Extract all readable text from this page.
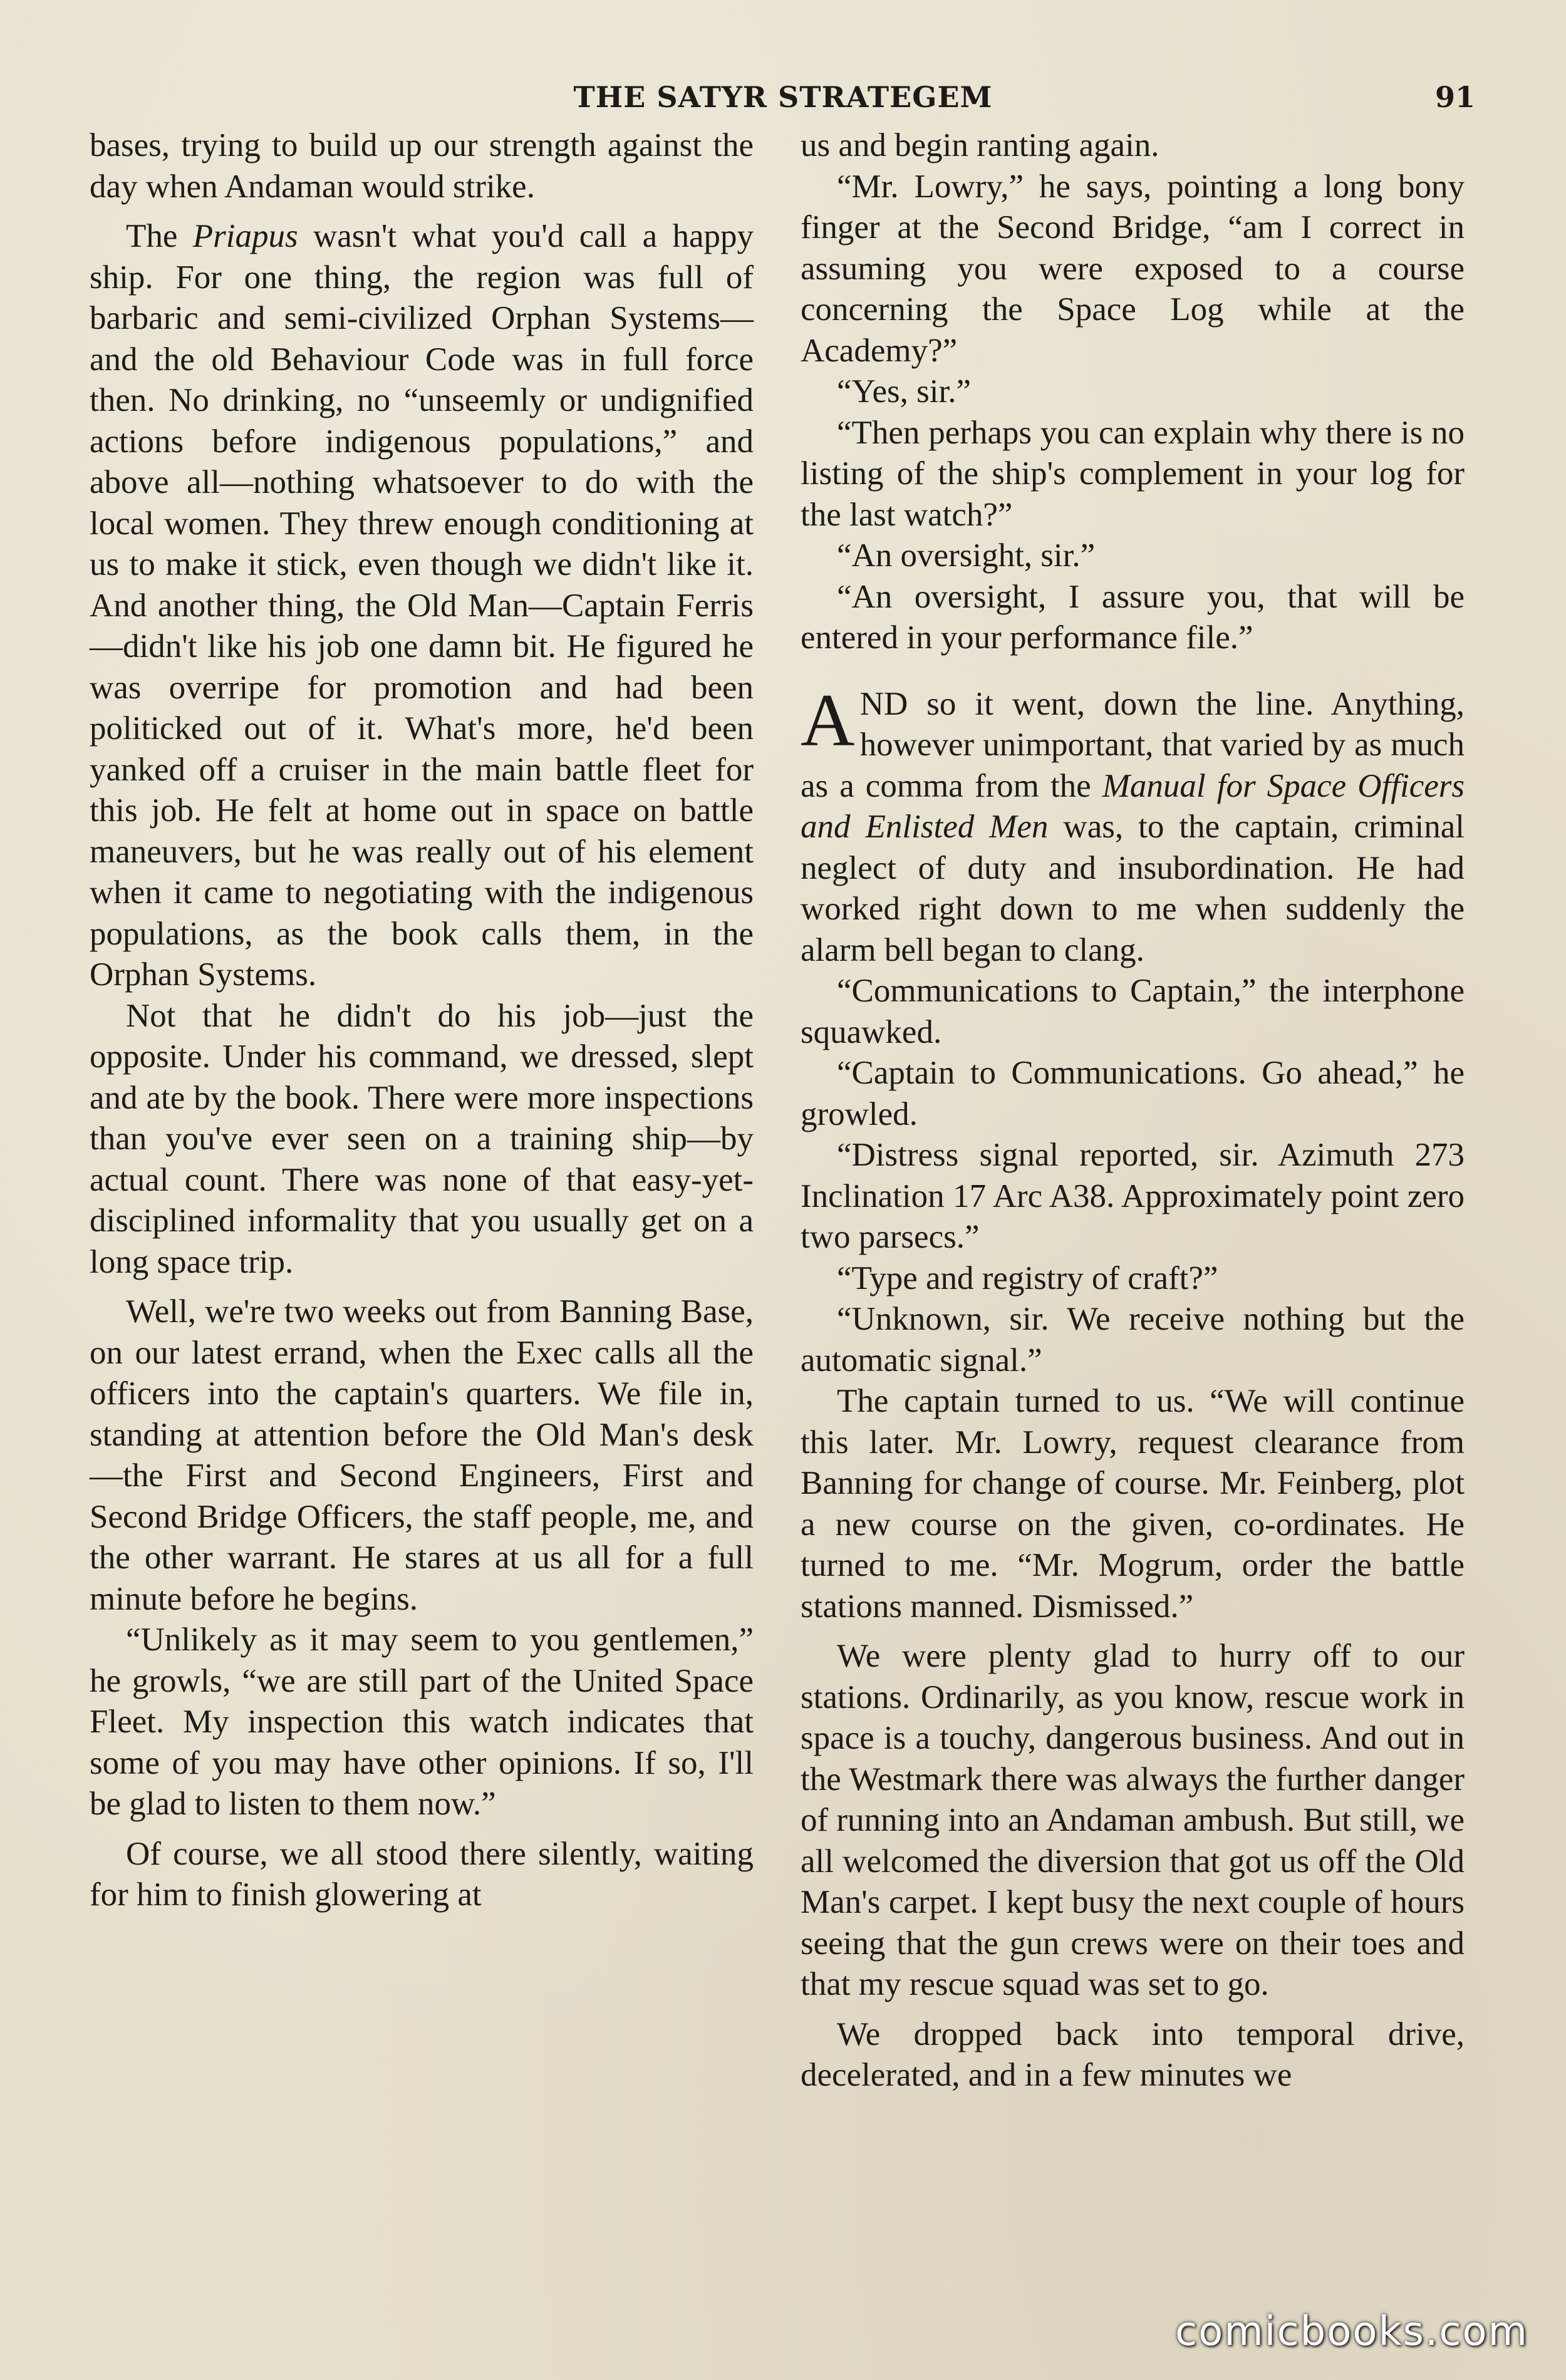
THE SATYR STRATEGEM	91

bases, trying to build up our strength against the day when Andaman would strike.

The Priapus wasn't what you'd call a happy ship. For one thing, the region was full of barbaric and semi-civilized Orphan Systems—and the old Behaviour Code was in full force then. No drinking, no “unseemly or undignified actions before indigenous populations,” and above all—nothing whatsoever to do with the local women. They threw enough conditioning at us to make it stick, even though we didn't like it. And another thing, the Old Man—Captain Ferris—didn't like his job one damn bit. He figured he was overripe for promotion and had been politicked out of it. What's more, he'd been yanked off a cruiser in the main battle fleet for this job. He felt at home out in space on battle maneuvers, but he was really out of his element when it came to negotiating with the indigenous populations, as the book calls them, in the Orphan Systems.

Not that he didn't do his job—just the opposite. Under his command, we dressed, slept and ate by the book. There were more inspections than you've ever seen on a training ship—by actual count. There was none of that easy-yet-disciplined informality that you usually get on a long space trip.

Well, we're two weeks out from Banning Base, on our latest errand, when the Exec calls all the officers into the captain's quarters. We file in, standing at attention before the Old Man's desk —the First and Second Engineers, First and Second Bridge Officers, the staff people, me, and the other warrant. He stares at us all for a full minute before he begins.

“Unlikely as it may seem to you gentlemen,” he growls, “we are still part of the United Space Fleet. My inspection this watch indicates that some of you may have other opinions. If so, I'll be glad to listen to them now.”

Of course, we all stood there silently, waiting for him to finish glowering at

us and begin ranting again.

“Mr. Lowry,” he says, pointing a long bony finger at the Second Bridge, “am I correct in assuming you were exposed to a course concerning the Space Log while at the Academy?”

“Yes, sir.”

“Then perhaps you can explain why there is no listing of the ship's complement in your log for the last watch?”

“An oversight, sir.”

“An oversight, I assure you, that will be entered in your performance file.”

AND so it went, down the line. Anything, however unimportant, that varied by as much as a comma from the Manual for Space Officers and Enlisted Men was, to the captain, criminal neglect of duty and insubordination. He had worked right down to me when suddenly the alarm bell began to clang.

“Communications to Captain,” the interphone squawked.

“Captain to Communications. Go ahead,” he growled.

“Distress signal reported, sir. Azimuth 273 Inclination 17 Arc A38. Approximately point zero two parsecs.”

“Type and registry of craft?”

“Unknown, sir. We receive nothing but the automatic signal.”

The captain turned to us. “We will continue this later. Mr. Lowry, request clearance from Banning for change of course. Mr. Feinberg, plot a new course on the given, co-ordinates. He turned to me. “Mr. Mogrum, order the battle stations manned. Dismissed.”

We were plenty glad to hurry off to our stations. Ordinarily, as you know, rescue work in space is a touchy, dangerous business. And out in the Westmark there was always the further danger of running into an Andaman ambush. But still, we all welcomed the diversion that got us off the Old Man's carpet. I kept busy the next couple of hours seeing that the gun crews were on their toes and that my rescue squad was set to go.

We dropped back into temporal drive, decelerated, and in a few minutes we

comicbooks.com
